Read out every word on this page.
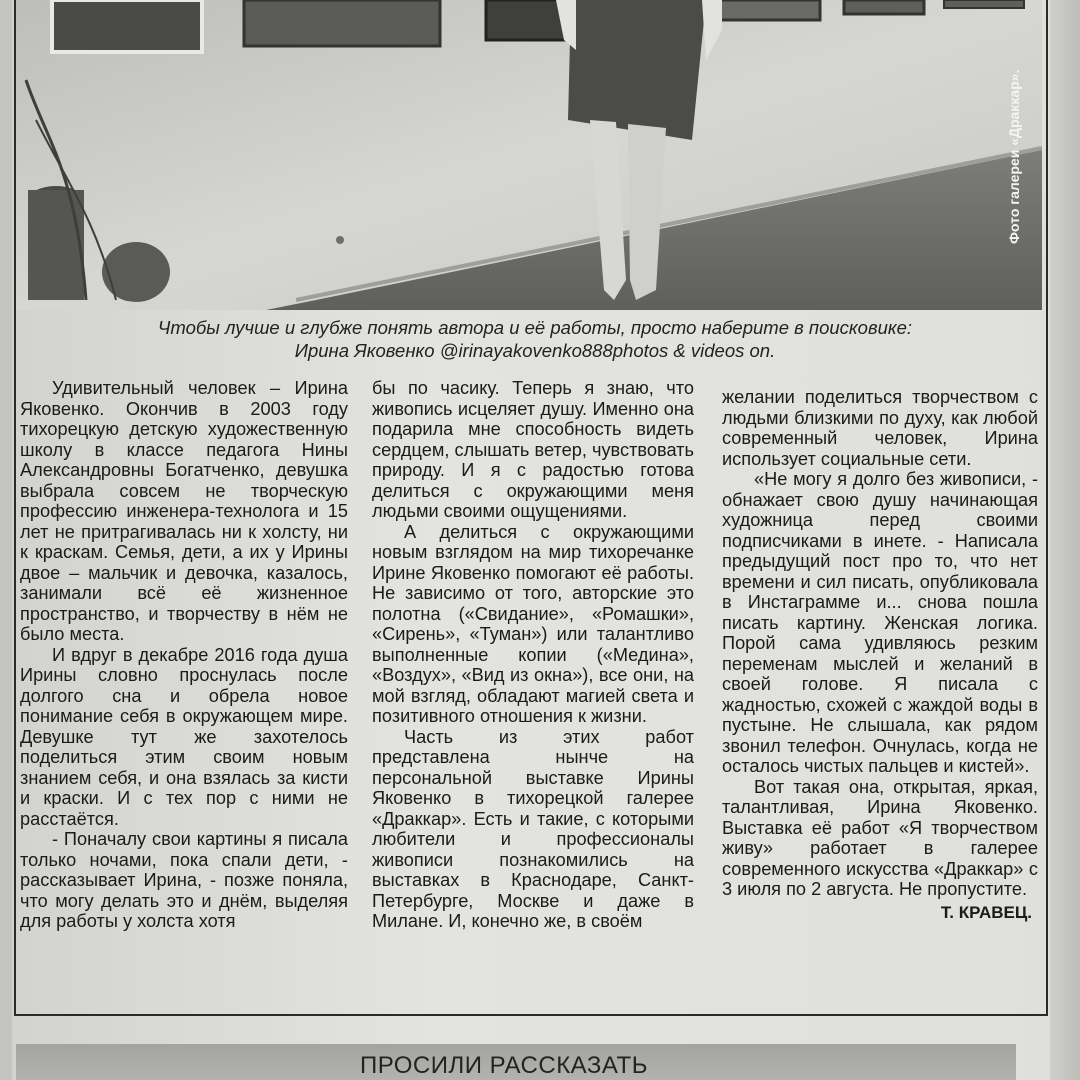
Фото галереи «Драккар».
Чтобы лучше и глубже понять автора и её работы, просто наберите в поисковике:
Ирина Яковенко @irinayakovenko888photos & videos on.

Удивительный человек – Ирина Яковенко. Окончив в 2003 году тихорецкую детскую художественную школу в классе педагога Нины Александровны Богатченко, девушка выбрала совсем не творческую профессию инженера-технолога и 15 лет не притрагивалась ни к холсту, ни к краскам. Семья, дети, а их у Ирины двое – мальчик и девочка, казалось, занимали всё её жизненное пространство, и творчеству в нём не было места.

И вдруг в декабре 2016 года душа Ирины словно проснулась после долгого сна и обрела новое понимание себя в окружающем мире. Девушке тут же захотелось поделиться этим своим новым знанием себя, и она взялась за кисти и краски. И с тех пор с ними не расстаётся.

- Поначалу свои картины я писала только ночами, пока спали дети, - рассказывает Ирина, - позже поняла, что могу делать это и днём, выделяя для работы у холста хотя

бы по часику. Теперь я знаю, что живопись исцеляет душу. Именно она подарила мне способность видеть сердцем, слышать ветер, чувствовать природу. И я с радостью готова делиться с окружающими меня людьми своими ощущениями.

А делиться с окружающими новым взглядом на мир тихоречанке Ирине Яковенко помогают её работы. Не зависимо от того, авторские это полотна («Свидание», «Ромашки», «Сирень», «Туман») или талантливо выполненные копии («Медина», «Воздух», «Вид из окна»), все они, на мой взгляд, обладают магией света и позитивного отношения к жизни.

Часть из этих работ представлена нынче на персональной выставке Ирины Яковенко в тихорецкой галерее «Драккар». Есть и такие, с которыми любители и профессионалы живописи познакомились на выставках в Краснодаре, Санкт-Петербурге, Москве и даже в Милане. И, конечно же, в своём

желании поделиться творчеством с людьми близкими по духу, как любой современный человек, Ирина использует социальные сети.

«Не могу я долго без живописи, - обнажает свою душу начинающая художница перед своими подписчиками в инете. - Написала предыдущий пост про то, что нет времени и сил писать, опубликовала в Инстаграмме и... снова пошла писать картину. Женская логика. Порой сама удивляюсь резким переменам мыслей и желаний в своей голове. Я писала с жадностью, схожей с жаждой воды в пустыне. Не слышала, как рядом звонил телефон. Очнулась, когда не осталось чистых пальцев и кистей».

Вот такая она, открытая, яркая, талантливая, Ирина Яковенко. Выставка её работ «Я творчеством живу» работает в галерее современного искусства «Драккар» с 3 июля по 2 августа. Не пропустите.

Т. КРАВЕЦ.
ПРОСИЛИ РАССКАЗАТЬ
